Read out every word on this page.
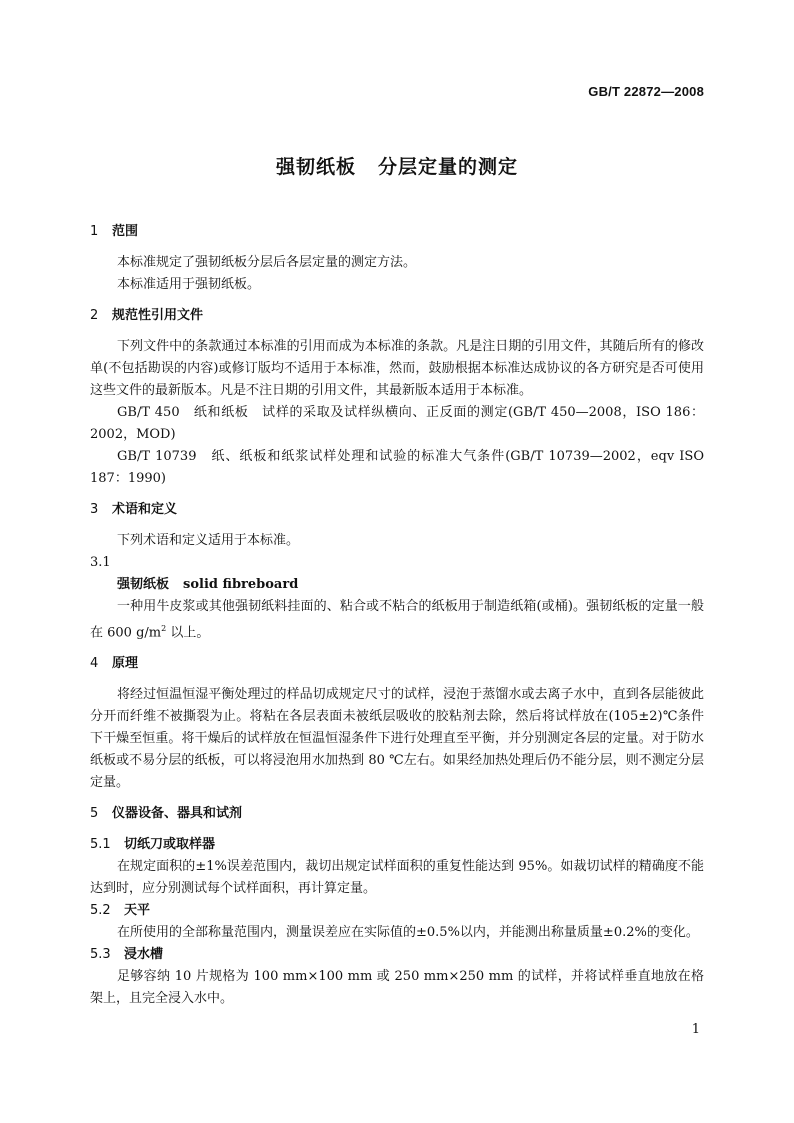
GB/T 22872—2008
强韧纸板 分层定量的测定
1 范围

本标准规定了强韧纸板分层后各层定量的测定方法。

本标准适用于强韧纸板。

2 规范性引用文件

下列文件中的条款通过本标准的引用而成为本标准的条款。凡是注日期的引用文件，其随后所有的修改单(不包括勘误的内容)或修订版均不适用于本标准，然而，鼓励根据本标准达成协议的各方研究是否可使用这些文件的最新版本。凡是不注日期的引用文件，其最新版本适用于本标准。

GB/T 450　纸和纸板　试样的采取及试样纵横向、正反面的测定(GB/T 450—2008，ISO 186：2002，MOD)

GB/T 10739　纸、纸板和纸浆试样处理和试验的标准大气条件(GB/T 10739—2002，eqv ISO 187：1990)

3 术语和定义

下列术语和定义适用于本标准。

3.1
强韧纸板 solid fibreboard

一种用牛皮浆或其他强韧纸料挂面的、粘合或不粘合的纸板用于制造纸箱(或桶)。强韧纸板的定量一般在 600 $g/m^2$ 以上。

4 原理

将经过恒温恒湿平衡处理过的样品切成规定尺寸的试样，浸泡于蒸馏水或去离子水中，直到各层能彼此分开而纤维不被撕裂为止。将粘在各层表面未被纸层吸收的胶粘剂去除，然后将试样放在(105±2)℃条件下干燥至恒重。将干燥后的试样放在恒温恒湿条件下进行处理直至平衡，并分别测定各层的定量。对于防水纸板或不易分层的纸板，可以将浸泡用水加热到 80 ℃左右。如果经加热处理后仍不能分层，则不测定分层定量。

5 仪器设备、器具和试剂
5.1 切纸刀或取样器

在规定面积的±1%误差范围内，裁切出规定试样面积的重复性能达到 95%。如裁切试样的精确度不能达到时，应分别测试每个试样面积，再计算定量。

5.2 天平

在所使用的全部称量范围内，测量误差应在实际值的±0.5%以内，并能测出称量质量±0.2%的变化。

5.3 浸水槽

足够容纳 10 片规格为 100 mm×100 mm 或 250 mm×250 mm 的试样，并将试样垂直地放在格架上，且完全浸入水中。

1
